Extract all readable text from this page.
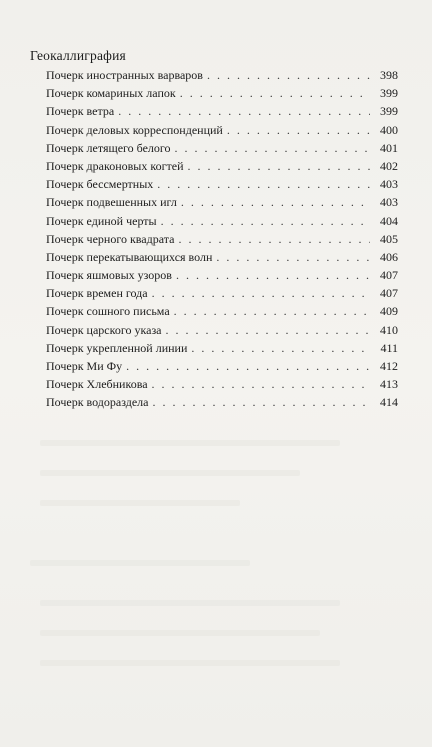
Геокаллиграфия
Почерк иностранных варваров . . .	398
Почерк комариных лапок . . .	399
Почерк ветра . . .	399
Почерк деловых корреспонденций . . .	400
Почерк летящего белого . . .	401
Почерк драконовых когтей . . .	402
Почерк бессмертных . . .	403
Почерк подвешенных игл . . .	403
Почерк единой черты . . .	404
Почерк черного квадрата . . .	405
Почерк перекатывающихся волн . . .	406
Почерк яшмовых узоров . . .	407
Почерк времен года . . .	407
Почерк сошного письма . . .	409
Почерк царского указа . . .	410
Почерк укрепленной линии . . .	411
Почерк Ми Фу . . .	412
Почерк Хлебникова . . .	413
Почерк водораздела . . .	414
